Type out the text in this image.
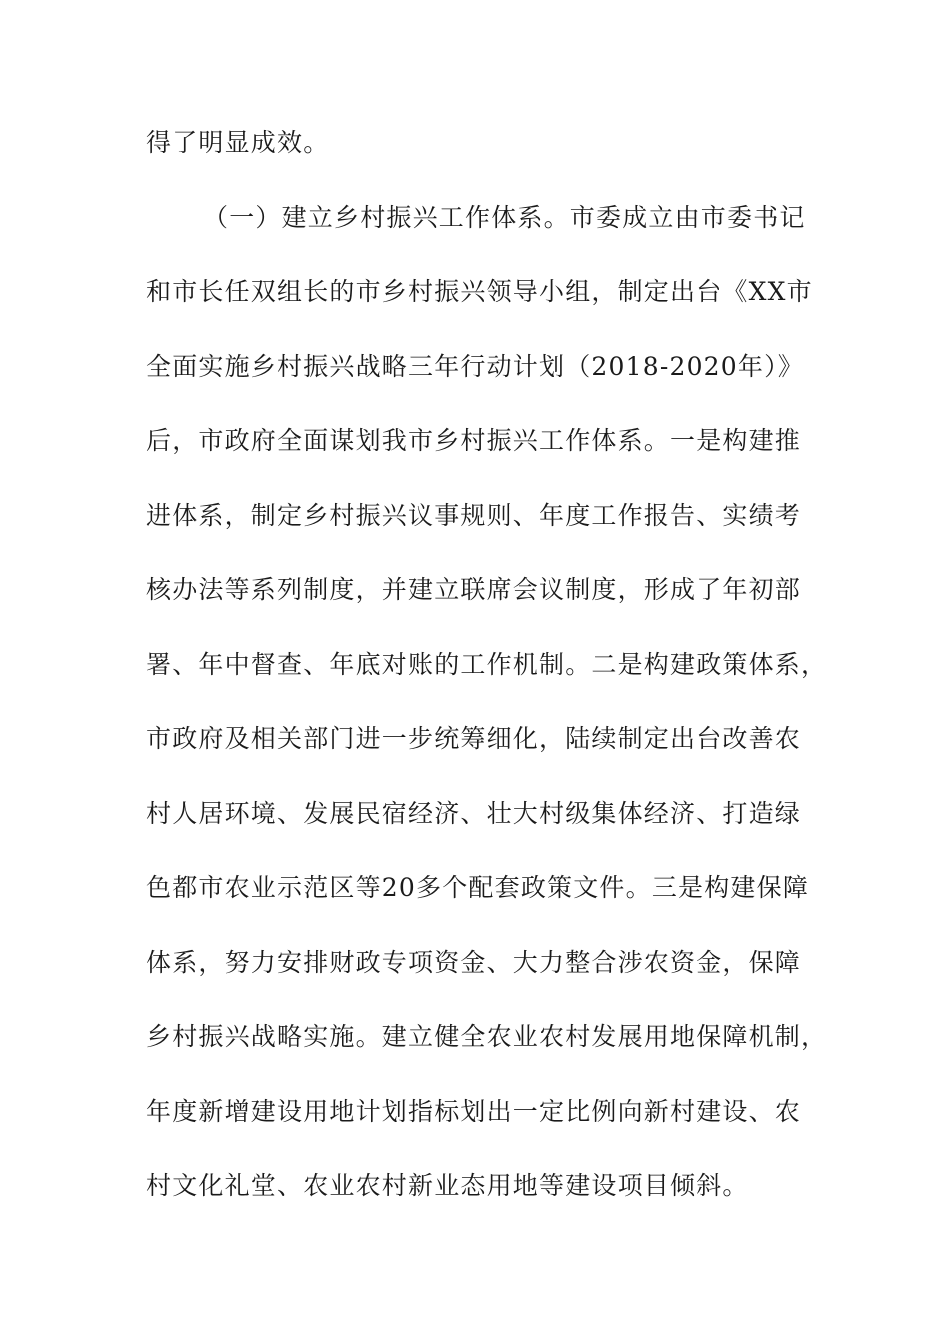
得了明显成效。
（一）建立乡村振兴工作体系。市委成立由市委书记
和市长任双组长的市乡村振兴领导小组，制定出台《XX市
全面实施乡村振兴战略三年行动计划（2018-2020年）》
后，市政府全面谋划我市乡村振兴工作体系。一是构建推
进体系，制定乡村振兴议事规则、年度工作报告、实绩考
核办法等系列制度，并建立联席会议制度，形成了年初部
署、年中督查、年底对账的工作机制。二是构建政策体系，
市政府及相关部门进一步统筹细化，陆续制定出台改善农
村人居环境、发展民宿经济、壮大村级集体经济、打造绿
色都市农业示范区等20多个配套政策文件。三是构建保障
体系，努力安排财政专项资金、大力整合涉农资金，保障
乡村振兴战略实施。建立健全农业农村发展用地保障机制，
年度新增建设用地计划指标划出一定比例向新村建设、农
村文化礼堂、农业农村新业态用地等建设项目倾斜。
